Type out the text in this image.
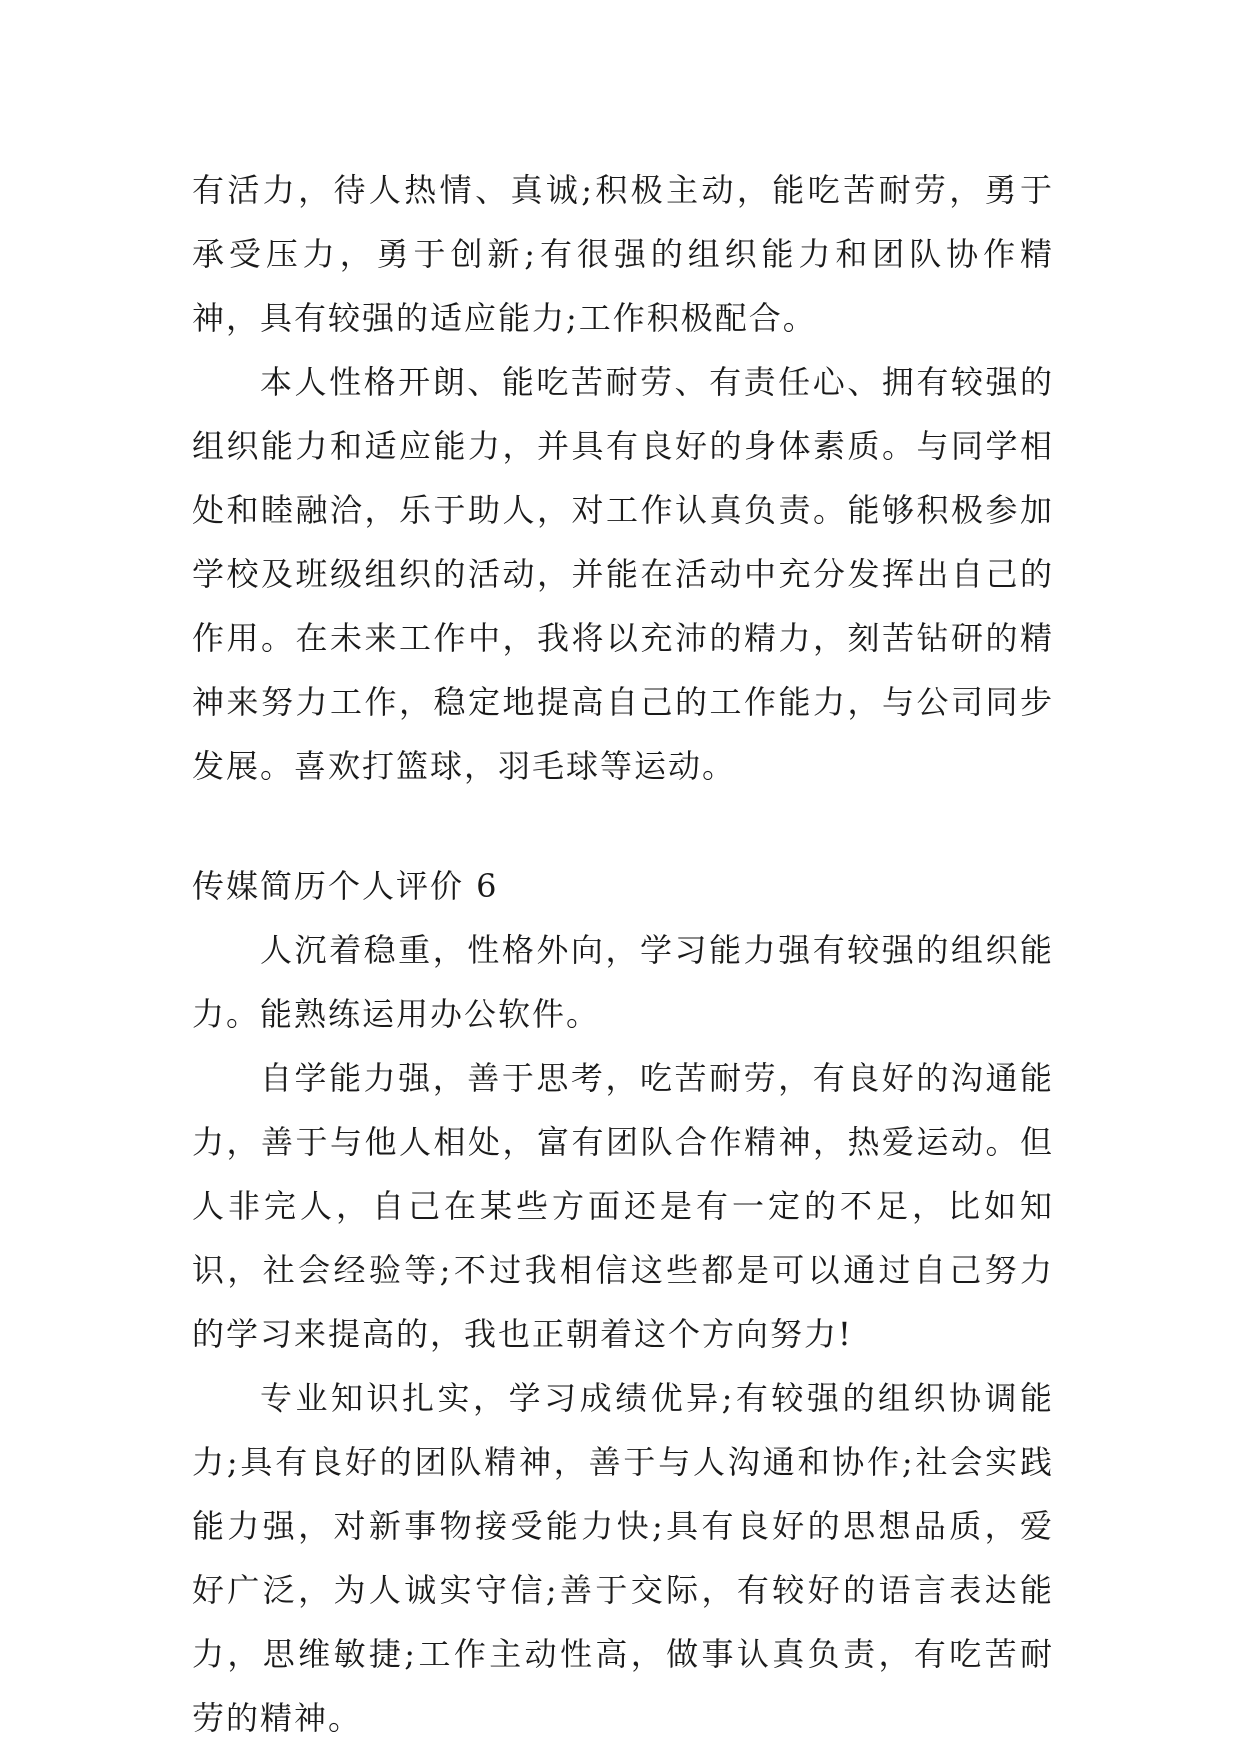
有活力，待人热情、真诚;积极主动，能吃苦耐劳，勇于承受压力，勇于创新;有很强的组织能力和团队协作精神，具有较强的适应能力;工作积极配合。

本人性格开朗、能吃苦耐劳、有责任心、拥有较强的组织能力和适应能力，并具有良好的身体素质。与同学相处和睦融洽，乐于助人，对工作认真负责。能够积极参加学校及班级组织的活动，并能在活动中充分发挥出自己的作用。在未来工作中，我将以充沛的精力，刻苦钻研的精神来努力工作，稳定地提高自己的工作能力，与公司同步发展。喜欢打篮球，羽毛球等运动。

传媒简历个人评价 6

人沉着稳重，性格外向，学习能力强有较强的组织能力。能熟练运用办公软件。

自学能力强，善于思考，吃苦耐劳，有良好的沟通能力，善于与他人相处，富有团队合作精神，热爱运动。但人非完人，自己在某些方面还是有一定的不足，比如知识，社会经验等;不过我相信这些都是可以通过自己努力的学习来提高的，我也正朝着这个方向努力!

专业知识扎实，学习成绩优异;有较强的组织协调能力;具有良好的团队精神，善于与人沟通和协作;社会实践能力强，对新事物接受能力快;具有良好的思想品质，爱好广泛，为人诚实守信;善于交际，有较好的语言表达能力，思维敏捷;工作主动性高，做事认真负责，有吃苦耐劳的精神。
